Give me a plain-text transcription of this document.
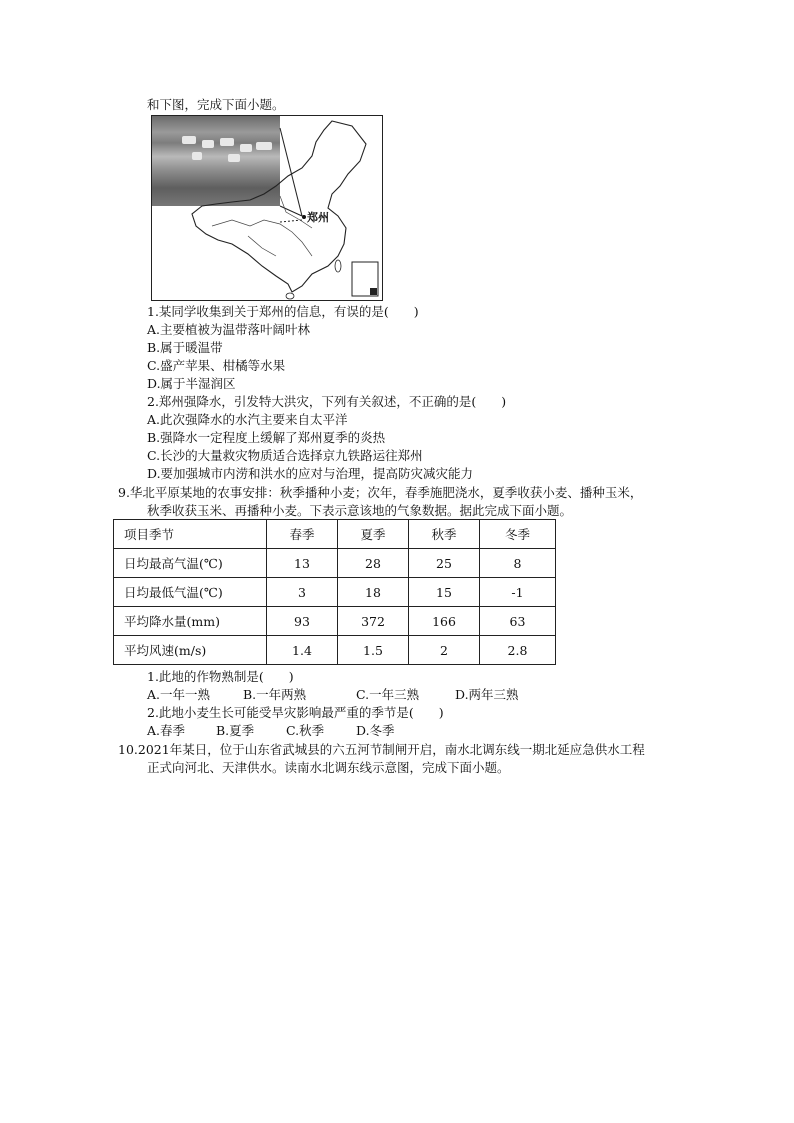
和下图，完成下面小题。
郑州
1.某同学收集到关于郑州的信息，有误的是(　　)
A.主要植被为温带落叶阔叶林
B.属于暖温带
C.盛产苹果、柑橘等水果
D.属于半湿润区
2.郑州强降水，引发特大洪灾，下列有关叙述，不正确的是(　　)
A.此次强降水的水汽主要来自太平洋
B.强降水一定程度上缓解了郑州夏季的炎热
C.长沙的大量救灾物质适合选择京九铁路运往郑州
D.要加强城市内涝和洪水的应对与治理，提高防灾减灾能力
9.华北平原某地的农事安排：秋季播种小麦；次年，春季施肥浇水，夏季收获小麦、播种玉米，
秋季收获玉米、再播种小麦。下表示意该地的气象数据。据此完成下面小题。
项目季节	春季	夏季	秋季	冬季
日均最高气温(℃)	13	28	25	8
日均最低气温(℃)	3	18	15	-1
平均降水量(mm)	93	372	166	63
平均风速(m/s)	1.4	1.5	2	2.8
1.此地的作物熟制是(　　)
A.一年一熟	B.一年两熟	C.一年三熟	D.两年三熟
2.此地小麦生长可能受旱灾影响最严重的季节是(　　)
A.春季 B.夏季	C.秋季	D.冬季
10.2021年某日，位于山东省武城县的六五河节制闸开启，南水北调东线一期北延应急供水工程
正式向河北、天津供水。读南水北调东线示意图，完成下面小题。
